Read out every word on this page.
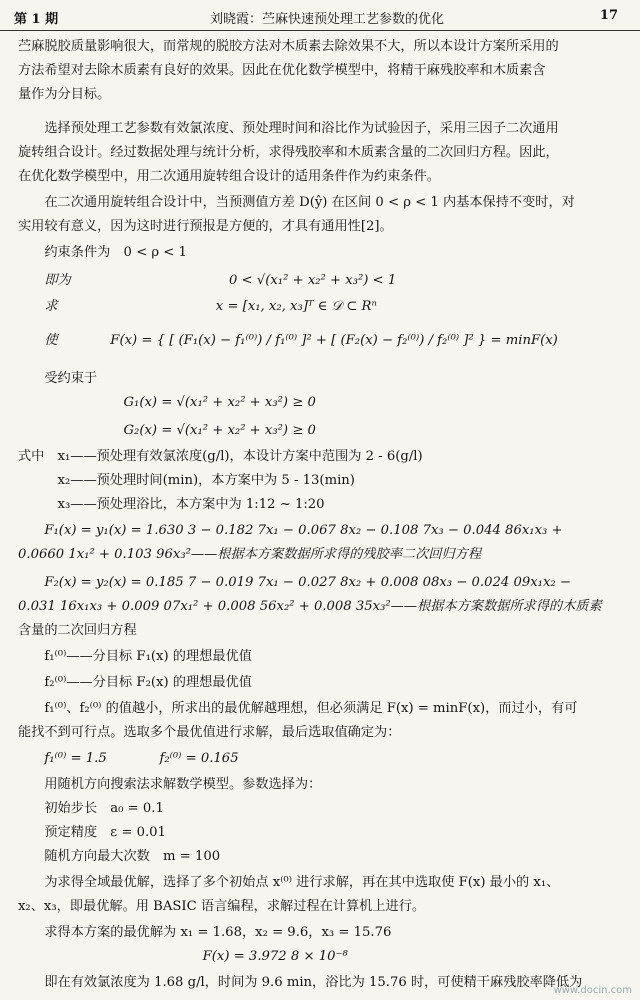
第 1 期	刘晓霞：苎麻快速预处理工艺参数的优化	17
苎麻脱胶质量影响很大，而常规的脱胶方法对木质素去除效果不大，所以本设计方案所采用的
方法希望对去除木质素有良好的效果。因此在优化数学模型中，将精干麻残胶率和木质素含
量作为分目标。
　　选择预处理工艺参数有效氯浓度、预处理时间和浴比作为试验因子，采用三因子二次通用
旋转组合设计。经过数据处理与统计分析，求得残胶率和木质素含量的二次回归方程。因此，
在优化数学模型中，用二次通用旋转组合设计的适用条件作为约束条件。
　　在二次通用旋转组合设计中，当预测值方差 D(ŷ) 在区间 0 < ρ < 1 内基本保持不变时，对
实用较有意义，因为这时进行预报是方便的，才具有通用性[2]。
　　约束条件为　0 < ρ < 1
　　即为　　　　　　　　　　　　0 < √(x₁² + x₂² + x₃²) < 1
　　求　　　　　　　　　　　　x = [x₁, x₂, x₃]ᵀ ∈ 𝒟 ⊂ Rⁿ
　　使　　　　F(x) = { [ (F₁(x) − f₁⁽⁰⁾) / f₁⁽⁰⁾ ]² + [ (F₂(x) − f₂⁽⁰⁾) / f₂⁽⁰⁾ ]² } = minF(x)
　　受约束于
　　　　　　　　G₁(x) = √(x₁² + x₂² + x₃²) ≥ 0
　　　　　　　　G₂(x) = √(x₁² + x₂² + x₃²) ≥ 0
式中　x₁——预处理有效氯浓度(g/l)，本设计方案中范围为 2 - 6(g/l)
　　　x₂——预处理时间(min)，本方案中为 5 - 13(min)
　　　x₃——预处理浴比，本方案中为 1:12 ~ 1:20
　　F₁(x) = y₁(x) = 1.630 3 − 0.182 7x₁ − 0.067 8x₂ − 0.108 7x₃ − 0.044 86x₁x₃ +
0.0660 1x₁² + 0.103 96x₃²——根据本方案数据所求得的残胶率二次回归方程
　　F₂(x) = y₂(x) = 0.185 7 − 0.019 7x₁ − 0.027 8x₂ + 0.008 08x₃ − 0.024 09x₁x₂ −
0.031 16x₁x₃ + 0.009 07x₁² + 0.008 56x₂² + 0.008 35x₃²——根据本方案数据所求得的木质素
含量的二次回归方程
　　f₁⁽⁰⁾——分目标 F₁(x) 的理想最优值
　　f₂⁽⁰⁾——分目标 F₂(x) 的理想最优值
　　f₁⁽⁰⁾、f₂⁽⁰⁾ 的值越小，所求出的最优解越理想，但必须满足 F(x) = minF(x)，而过小，有可
能找不到可行点。选取多个最优值进行求解，最后选取值确定为：
　　f₁⁽⁰⁾ = 1.5　　　　f₂⁽⁰⁾ = 0.165
　　用随机方向搜索法求解数学模型。参数选择为：
　　初始步长　a₀ = 0.1
　　预定精度　ε = 0.01
　　随机方向最大次数　m = 100
　　为求得全域最优解，选择了多个初始点 x⁽⁰⁾ 进行求解，再在其中选取使 F(x) 最小的 x₁、
x₂、x₃，即最优解。用 BASIC 语言编程，求解过程在计算机上进行。
　　求得本方案的最优解为 x₁ = 1.68，x₂ = 9.6，x₃ = 15.76
　　　　　　　　　　　　　　F(x) = 3.972 8 × 10⁻⁸
　　即在有效氯浓度为 1.68 g/l，时间为 9.6 min，浴比为 15.76 时，可使精干麻残胶率降低为
www.docin.com
